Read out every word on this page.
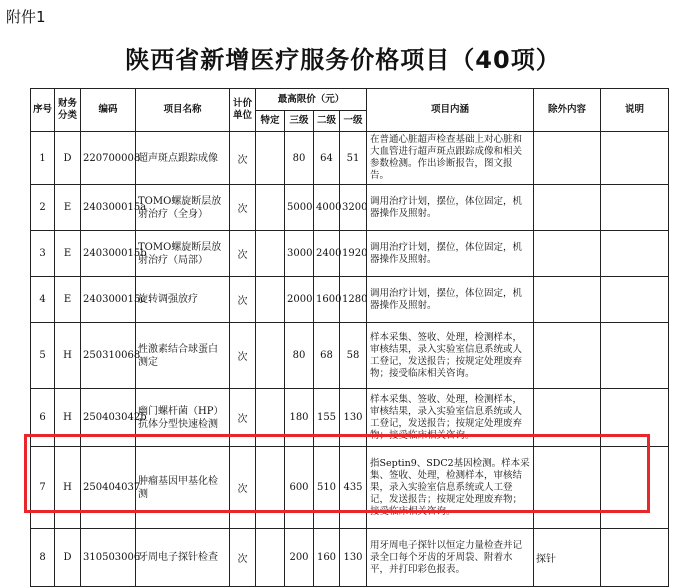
附件1
陕西省新增医疗服务价格项目（40项）
序号	财务分类	编码	项目名称	计价单位	最高限价（元）				项目内涵	除外内容	说明
					特定	三级	二级	一级			
1	D	220700008	超声斑点跟踪成像	次		80	64	51	在普通心脏超声检查基础上对心脏和大血管进行超声斑点跟踪成像和相关参数检测。作出诊断报告，图文报告。		
2	E	240300015a	TOMO螺旋断层放射治疗（全身）	次		5000	4000	3200	调用治疗计划，摆位，体位固定，机器操作及照射。		
3	E	240300015b	TOMO螺旋断层放射治疗（局部）	次		3000	2400	1920	调用治疗计划，摆位，体位固定，机器操作及照射。		
4	E	240300015c	旋转调强放疗	次		2000	1600	1280	调用治疗计划，摆位，体位固定，机器操作及照射。		
5	H	250310068	性激素结合球蛋白测定	次		80	68	58	样本采集、签收、处理，检测样本，审核结果，录入实验室信息系统或人工登记，发送报告；按规定处理废弃物；接受临床相关咨询。		
6	H	250403042b	幽门螺杆菌（HP）抗体分型快速检测	次		180	155	130	样本采集、签收、处理，检测样本，审核结果，录入实验室信息系统或人工登记，发送报告；按规定处理废弃物；接受临床相关咨询。		
7	H	250404037	肿瘤基因甲基化检测	次		600	510	435	指Septin9、SDC2基因检测。样本采集、签收、处理，检测样本，审核结果，录入实验室信息系统或人工登记，发送报告；按规定处理废弃物；接受临床相关咨询。		
8	D	310503006	牙周电子探针检查	次		200	160	130	用牙周电子探针以恒定力量检查并记录全口每个牙齿的牙周袋、附着水平，并打印彩色报表。	探针	
